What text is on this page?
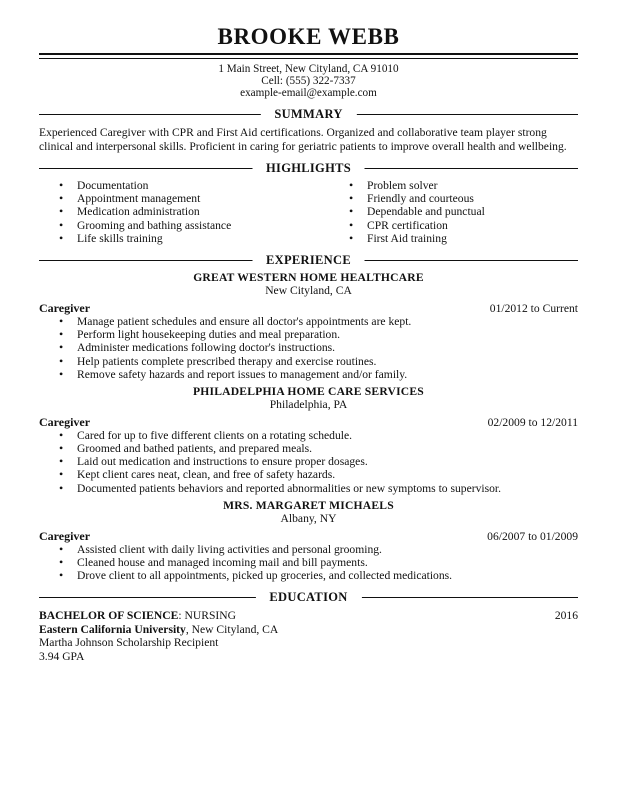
BROOKE WEBB
1 Main Street, New Cityland, CA 91010
Cell: (555) 322-7337
example-email@example.com
SUMMARY
Experienced Caregiver with CPR and First Aid certifications. Organized and collaborative team player strong clinical and interpersonal skills. Proficient in caring for geriatric patients to improve overall health and wellbeing.
HIGHLIGHTS
• Documentation
• Appointment management
• Medication administration
• Grooming and bathing assistance
• Life skills training
• Problem solver
• Friendly and courteous
• Dependable and punctual
• CPR certification
• First Aid training
EXPERIENCE
GREAT WESTERN HOME HEALTHCARE
New Cityland, CA
Caregiver	01/2012 to Current
• Manage patient schedules and ensure all doctor's appointments are kept.
• Perform light housekeeping duties and meal preparation.
• Administer medications following doctor's instructions.
• Help patients complete prescribed therapy and exercise routines.
• Remove safety hazards and report issues to management and/or family.
PHILADELPHIA HOME CARE SERVICES
Philadelphia, PA
Caregiver	02/2009 to 12/2011
• Cared for up to five different clients on a rotating schedule.
• Groomed and bathed patients, and prepared meals.
• Laid out medication and instructions to ensure proper dosages.
• Kept client cares neat, clean, and free of safety hazards.
• Documented patients behaviors and reported abnormalities or new symptoms to supervisor.
MRS. MARGARET MICHAELS
Albany, NY
Caregiver	06/2007 to 01/2009
• Assisted client with daily living activities and personal grooming.
• Cleaned house and managed incoming mail and bill payments.
• Drove client to all appointments, picked up groceries, and collected medications.
EDUCATION
BACHELOR OF SCIENCE: NURSING	2016
Eastern California University, New Cityland, CA
Martha Johnson Scholarship Recipient
3.94 GPA
